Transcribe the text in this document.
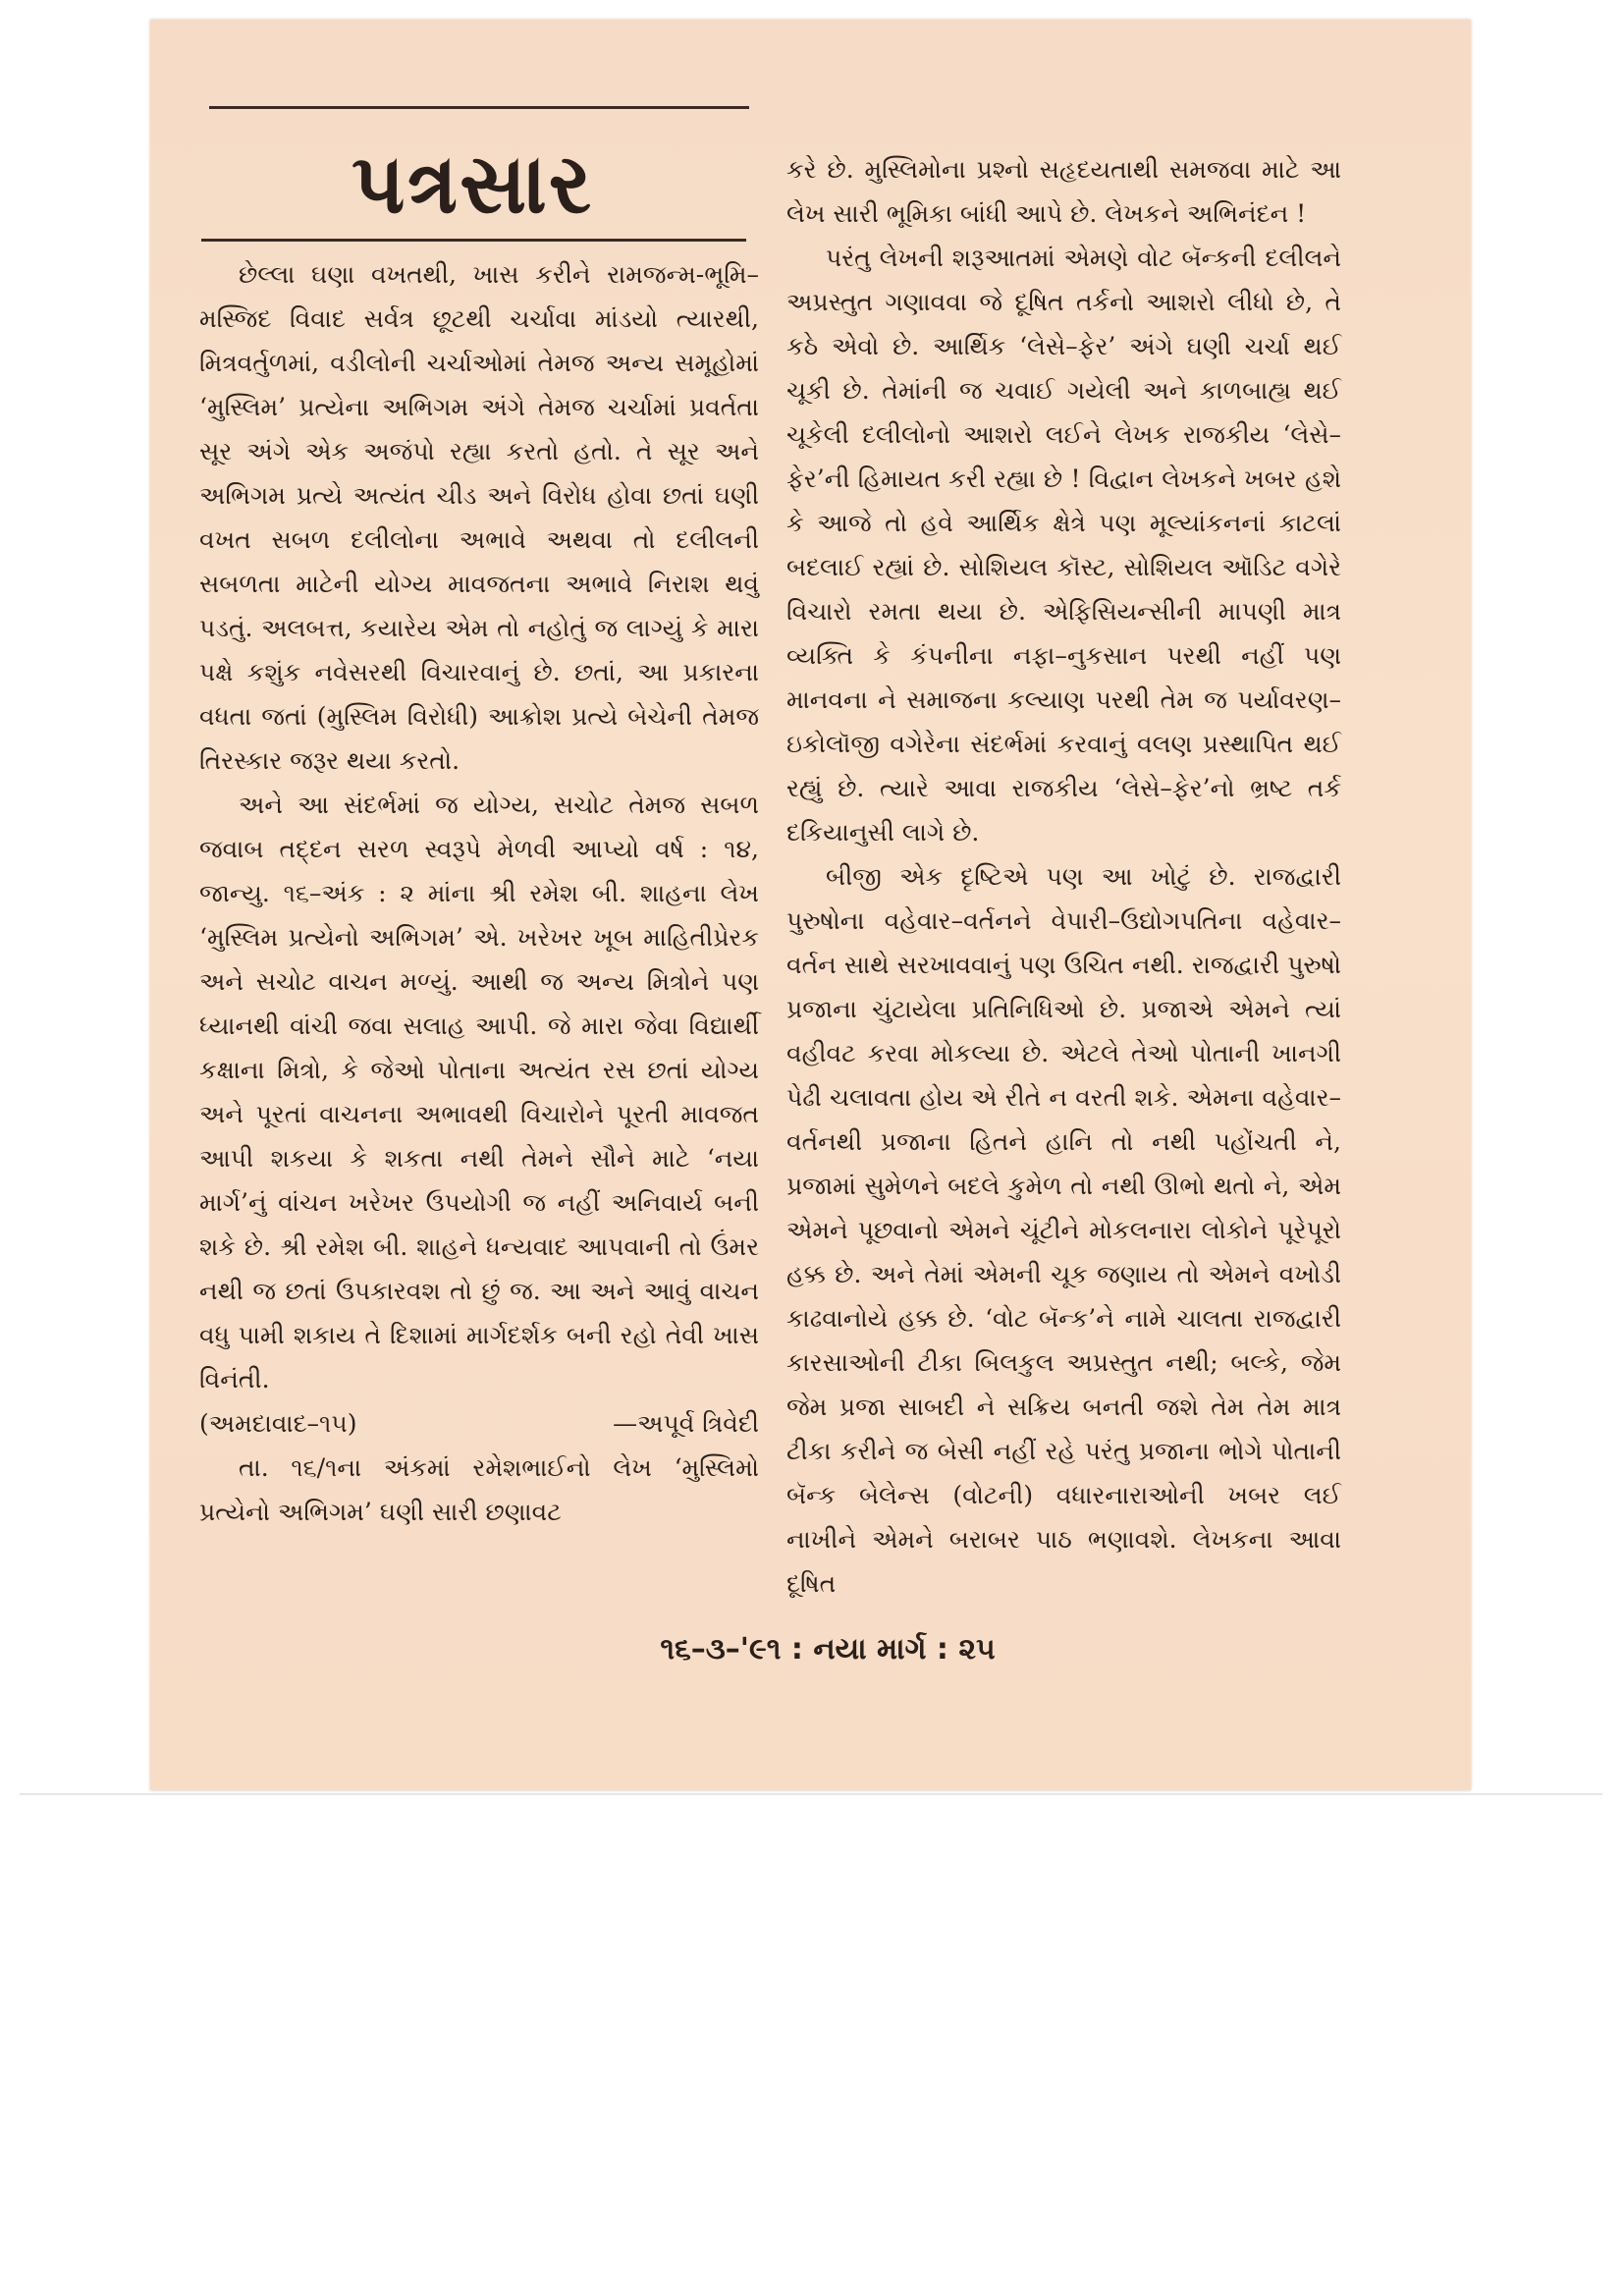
પત્રસાર

છેલ્લા ઘણા વખતથી, ખાસ કરીને રામજન્મ-ભૂમિ–મસ્જિદ વિવાદ સર્વત્ર છૂટથી ચર્ચાવા માંડયો ત્યારથી, મિત્રવર્તુળમાં, વડીલોની ચર્ચાઓમાં તેમજ અન્ય સમૂહોમાં ‘મુસ્લિમ’ પ્રત્યેના અભિગમ અંગે તેમજ ચર્ચામાં પ્રવર્તતા સૂર અંગે એક અજંપો રહ્યા કરતો હતો. તે સૂર અને અભિગમ પ્રત્યે અત્યંત ચીડ અને વિરોધ હોવા છતાં ઘણી વખત સબળ દલીલોના અભાવે અથવા તો દલીલની સબળતા માટેની યોગ્ય માવજતના અભાવે નિરાશ થવું પડતું. અલબત્ત, કયારેય એમ તો નહોતું જ લાગ્યું કે મારા પક્ષે કશુંક નવેસરથી વિચારવાનું છે. છતાં, આ પ્રકારના વધતા જતાં (મુસ્લિમ વિરોધી) આક્રોશ પ્રત્યે બેચેની તેમજ તિરસ્કાર જરૂર થયા કરતો.

અને આ સંદર્ભમાં જ યોગ્ય, સચોટ તેમજ સબળ જવાબ તદ્દન સરળ સ્વરૂપે મેળવી આપ્યો વર્ષ : ૧૪, જાન્યુ. ૧૬–અંક : ૨ માંના શ્રી રમેશ બી. શાહના લેખ ‘મુસ્લિમ પ્રત્યેનો અભિગમ’ એ. ખરેખર ખૂબ માહિતીપ્રેરક અને સચોટ વાચન મળ્યું. આથી જ અન્ય મિત્રોને પણ ધ્યાનથી વાંચી જવા સલાહ આપી. જે મારા જેવા વિદ્યાર્થી કક્ષાના મિત્રો, કે જેઓ પોતાના અત્યંત રસ છતાં યોગ્ય અને પૂરતાં વાચનના અભાવથી વિચારોને પૂરતી માવજત આપી શકયા કે શકતા નથી તેમને સૌને માટે ‘નયા માર્ગ’નું વાંચન ખરેખર ઉપયોગી જ નહીં અનિવાર્ય બની શકે છે. શ્રી રમેશ બી. શાહને ધન્યવાદ આપવાની તો ઉંમર નથી જ છતાં ઉપકારવશ તો છું જ. આ અને આવું વાચન વધુ પામી શકાય તે દિશામાં માર્ગદર્શક બની રહો તેવી ખાસ વિનંતી.

(અમદાવાદ–૧૫)	—અપૂર્વ ત્રિવેદી

તા. ૧૬/૧ના અંકમાં રમેશભાઈનો લેખ ‘મુસ્લિમો પ્રત્યેનો અભિગમ’ ઘણી સારી છણાવટ

કરે છે. મુસ્લિમોના પ્રશ્નો સહૃદયતાથી સમજવા માટે આ લેખ સારી ભૂમિકા બાંધી આપે છે. લેખકને અભિનંદન !

પરંતુ લેખની શરૂઆતમાં એમણે વોટ બૅન્કની દલીલને અપ્રસ્તુત ગણાવવા જે દૂષિત તર્કનો આશરો લીધો છે, તે કઠે એવો છે. આર્થિક ‘લેસે–ફેર’ અંગે ઘણી ચર્ચા થઈ ચૂકી છે. તેમાંની જ ચવાઈ ગયેલી અને કાળબાહ્ય થઈ ચૂકેલી દલીલોનો આશરો લઈને લેખક રાજકીય ‘લેસે–ફેર’ની હિમાયત કરી રહ્યા છે ! વિદ્વાન લેખકને ખબર હશે કે આજે તો હવે આર્થિક ક્ષેત્રે પણ મૂલ્યાંકનનાં કાટલાં બદલાઈ રહ્યાં છે. સોશિયલ કૉસ્ટ, સોશિયલ ઑડિટ વગેરે વિચારો રમતા થયા છે. એફિસિયન્સીની માપણી માત્ર વ્યક્તિ કે કંપનીના નફા–નુકસાન પરથી નહીં પણ માનવના ને સમાજના કલ્યાણ પરથી તેમ જ પર્યાવરણ–ઇકોલૉજી વગેરેના સંદર્ભમાં કરવાનું વલણ પ્રસ્થાપિત થઈ રહ્યું છે. ત્યારે આવા રાજકીય ‘લેસે–ફેર’નો ભ્રષ્ટ તર્ક દકિયાનુસી લાગે છે.

બીજી એક દૃષ્ટિએ પણ આ ખોટું છે. રાજદ્વારી પુરુષોના વહેવાર–વર્તનને વેપારી–ઉદ્યોગપતિના વહેવાર–વર્તન સાથે સરખાવવાનું પણ ઉચિત નથી. રાજદ્વારી પુરુષો પ્રજાના ચુંટાયેલા પ્રતિનિધિઓ છે. પ્રજાએ એમને ત્યાં વહીવટ કરવા મોકલ્યા છે. એટલે તેઓ પોતાની ખાનગી પેઢી ચલાવતા હોય એ રીતે ન વરતી શકે. એમના વહેવાર–વર્તનથી પ્રજાના હિતને હાનિ તો નથી પહોંચતી ને, પ્રજામાં સુમેળને બદલે કુમેળ તો નથી ઊભો થતો ને, એમ એમને પૂછવાનો એમને ચૂંટીને મોકલનારા લોકોને પૂરેપૂરો હક્ક છે. અને તેમાં એમની ચૂક જણાય તો એમને વખોડી કાઢવાનોયે હક્ક છે. ‘વોટ બૅન્ક’ને નામે ચાલતા રાજદ્વારી કારસાઓની ટીકા બિલકુલ અપ્રસ્તુત નથી; બલ્કે, જેમ જેમ પ્રજા સાબદી ને સક્રિય બનતી જશે તેમ તેમ માત્ર ટીકા કરીને જ બેસી નહીં રહે પરંતુ પ્રજાના ભોગે પોતાની બૅન્ક બેલેન્સ (વોટની) વધારનારાઓની ખબર લઈ નાખીને એમને બરાબર પાઠ ભણાવશે. લેખકના આવા દૂષિત

૧૬–૩–'૯૧ : નયા માર્ગ : ૨૫
